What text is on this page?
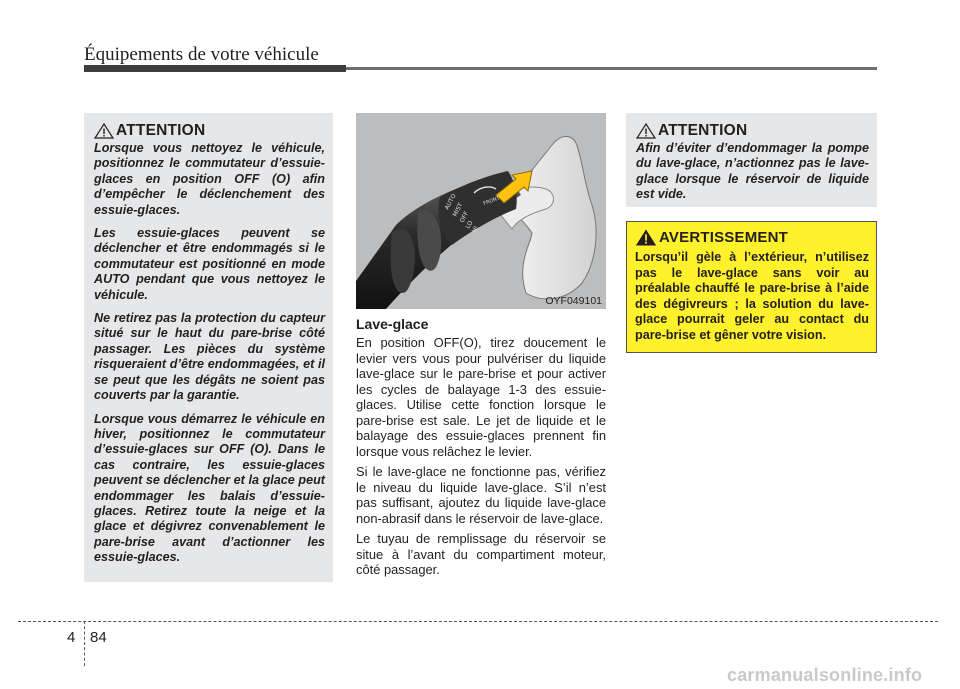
Équipements de votre véhicule
ATTENTION

Lorsque vous nettoyez le véhicule, positionnez le commutateur d’essuie-glaces en position OFF (O) afin d’empêcher le déclenchement des essuie-glaces.

Les essuie-glaces peuvent se déclencher et être endommagés si le commutateur est positionné en mode AUTO pendant que vous nettoyez le véhicule.

Ne retirez pas la protection du capteur situé sur le haut du pare-brise côté passager. Les pièces du système risqueraient d’être endommagées, et il se peut que les dégâts ne soient pas couverts par la garantie.

Lorsque vous démarrez le véhicule en hiver, positionnez le commutateur d’essuie-glaces sur OFF (O). Dans le cas contraire, les essuie-glaces peuvent se déclencher et la glace peut endommager les balais d’essuie-glaces. Retirez toute la neige et la glace et dégivrez convenablement le pare-brise avant d’actionner les essuie-glaces.

AUTO
MIST
OFF
LO
HI
FRONT
OYF049101
Lave-glace

En position OFF(O), tirez doucement le levier vers vous pour pulvériser du liquide lave-glace sur le pare-brise et pour activer les cycles de balayage 1-3 des essuie-glaces. Utilise cette fonction lorsque le pare-brise est sale. Le jet de liquide et le balayage des essuie-glaces prennent fin lorsque vous relâchez le levier.

Si le lave-glace ne fonctionne pas, vérifiez le niveau du liquide lave-glace. S’il n’est pas suffisant, ajoutez du liquide lave-glace non-abrasif dans le réservoir de lave-glace.

Le tuyau de remplissage du réservoir se situe à l’avant du compartiment moteur, côté passager.

ATTENTION

Afin d’éviter d’endommager la pompe du lave-glace, n’actionnez pas le lave-glace lorsque le réservoir de liquide est vide.

AVERTISSEMENT

Lorsqu’il gèle à l’extérieur, n’utilisez pas le lave-glace sans voir au préalable chauffé le pare-brise à l’aide des dégivreurs ; la solution du lave-glace pourrait geler au contact du pare-brise et gêner votre vision.

4 84
carmanualsonline.info
